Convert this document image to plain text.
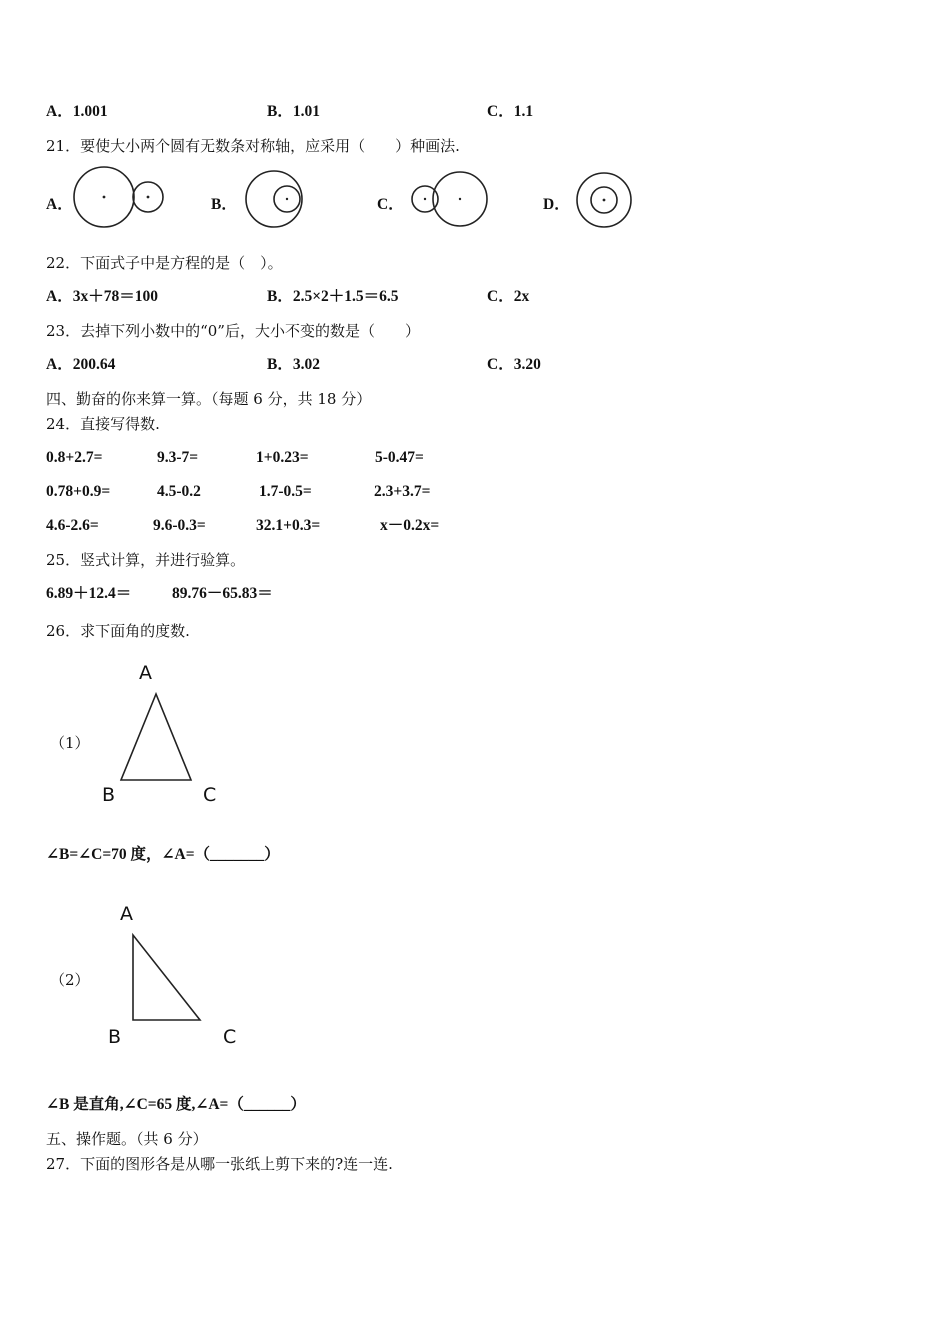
A．1.001	B．1.01	C．1.1
21．要使大小两个圆有无数条对称轴，应采用（　　）种画法.
A．	B．	C．	D．
22．下面式子中是方程的是（　）。
A．3x＋78＝100	B．2.5×2＋1.5＝6.5	C．2x
23．去掉下列小数中的“0”后，大小不变的数是（　　）
A．200.64	B．3.02	C．3.20
四、勤奋的你来算一算。（每题 6 分，共 18 分）
24．直接写得数.
0.8+2.7=	9.3-7=	1+0.23=	5-0.47=
0.78+0.9=	4.5-0.2	1.7-0.5=	2.3+3.7=
4.6-2.6=	9.6-0.3=	32.1+0.3=	x－0.2x=
25．竖式计算，并进行验算。
6.89＋12.4＝	89.76－65.83＝
26．求下面角的度数.
（1）
A
B	C
∠B=∠C=70 度，∠A=（_______）
（2）
A
B	C
∠B 是直角,∠C=65 度,∠A=（______）
五、操作题。（共 6 分）
27．下面的图形各是从哪一张纸上剪下来的?连一连.
